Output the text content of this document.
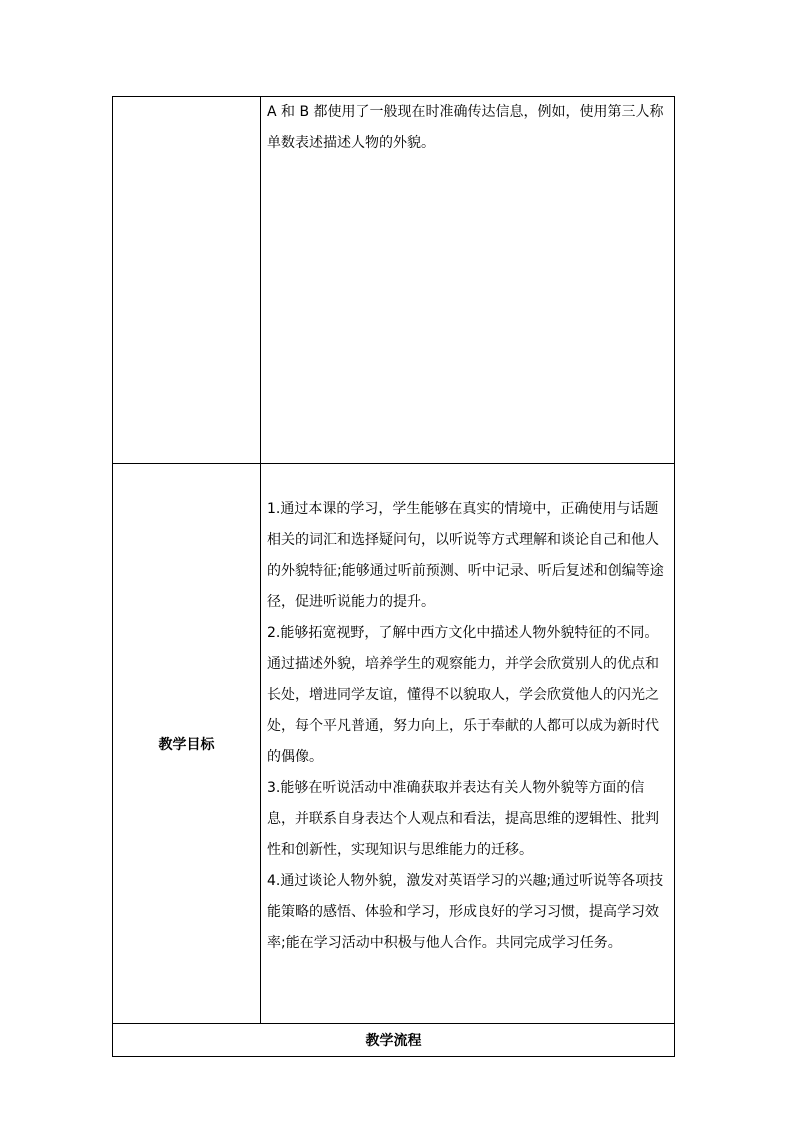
	A 和 B 都使用了一般现在时准确传达信息，例如，使用第三人称单数表述描述人物的外貌。

教学目标	1.通过本课的学习，学生能够在真实的情境中，正确使用与话题相关的词汇和选择疑问句，以听说等方式理解和谈论自己和他人的外貌特征;能够通过听前预测、听中记录、听后复述和创编等途径，促进听说能力的提升。

2.能够拓宽视野，了解中西方文化中描述人物外貌特征的不同。通过描述外貌，培养学生的观察能力，并学会欣赏别人的优点和长处，增进同学友谊，懂得不以貌取人，学会欣赏他人的闪光之处，每个平凡普通，努力向上，乐于奉献的人都可以成为新时代的偶像。

3.能够在听说活动中准确获取并表达有关人物外貌等方面的信息，并联系自身表达个人观点和看法，提高思维的逻辑性、批判性和创新性，实现知识与思维能力的迁移。

4.通过谈论人物外貌，激发对英语学习的兴趣;通过听说等各项技能策略的感悟、体验和学习，形成良好的学习习惯，提高学习效率;能在学习活动中积极与他人合作。共同完成学习任务。

教学流程	
